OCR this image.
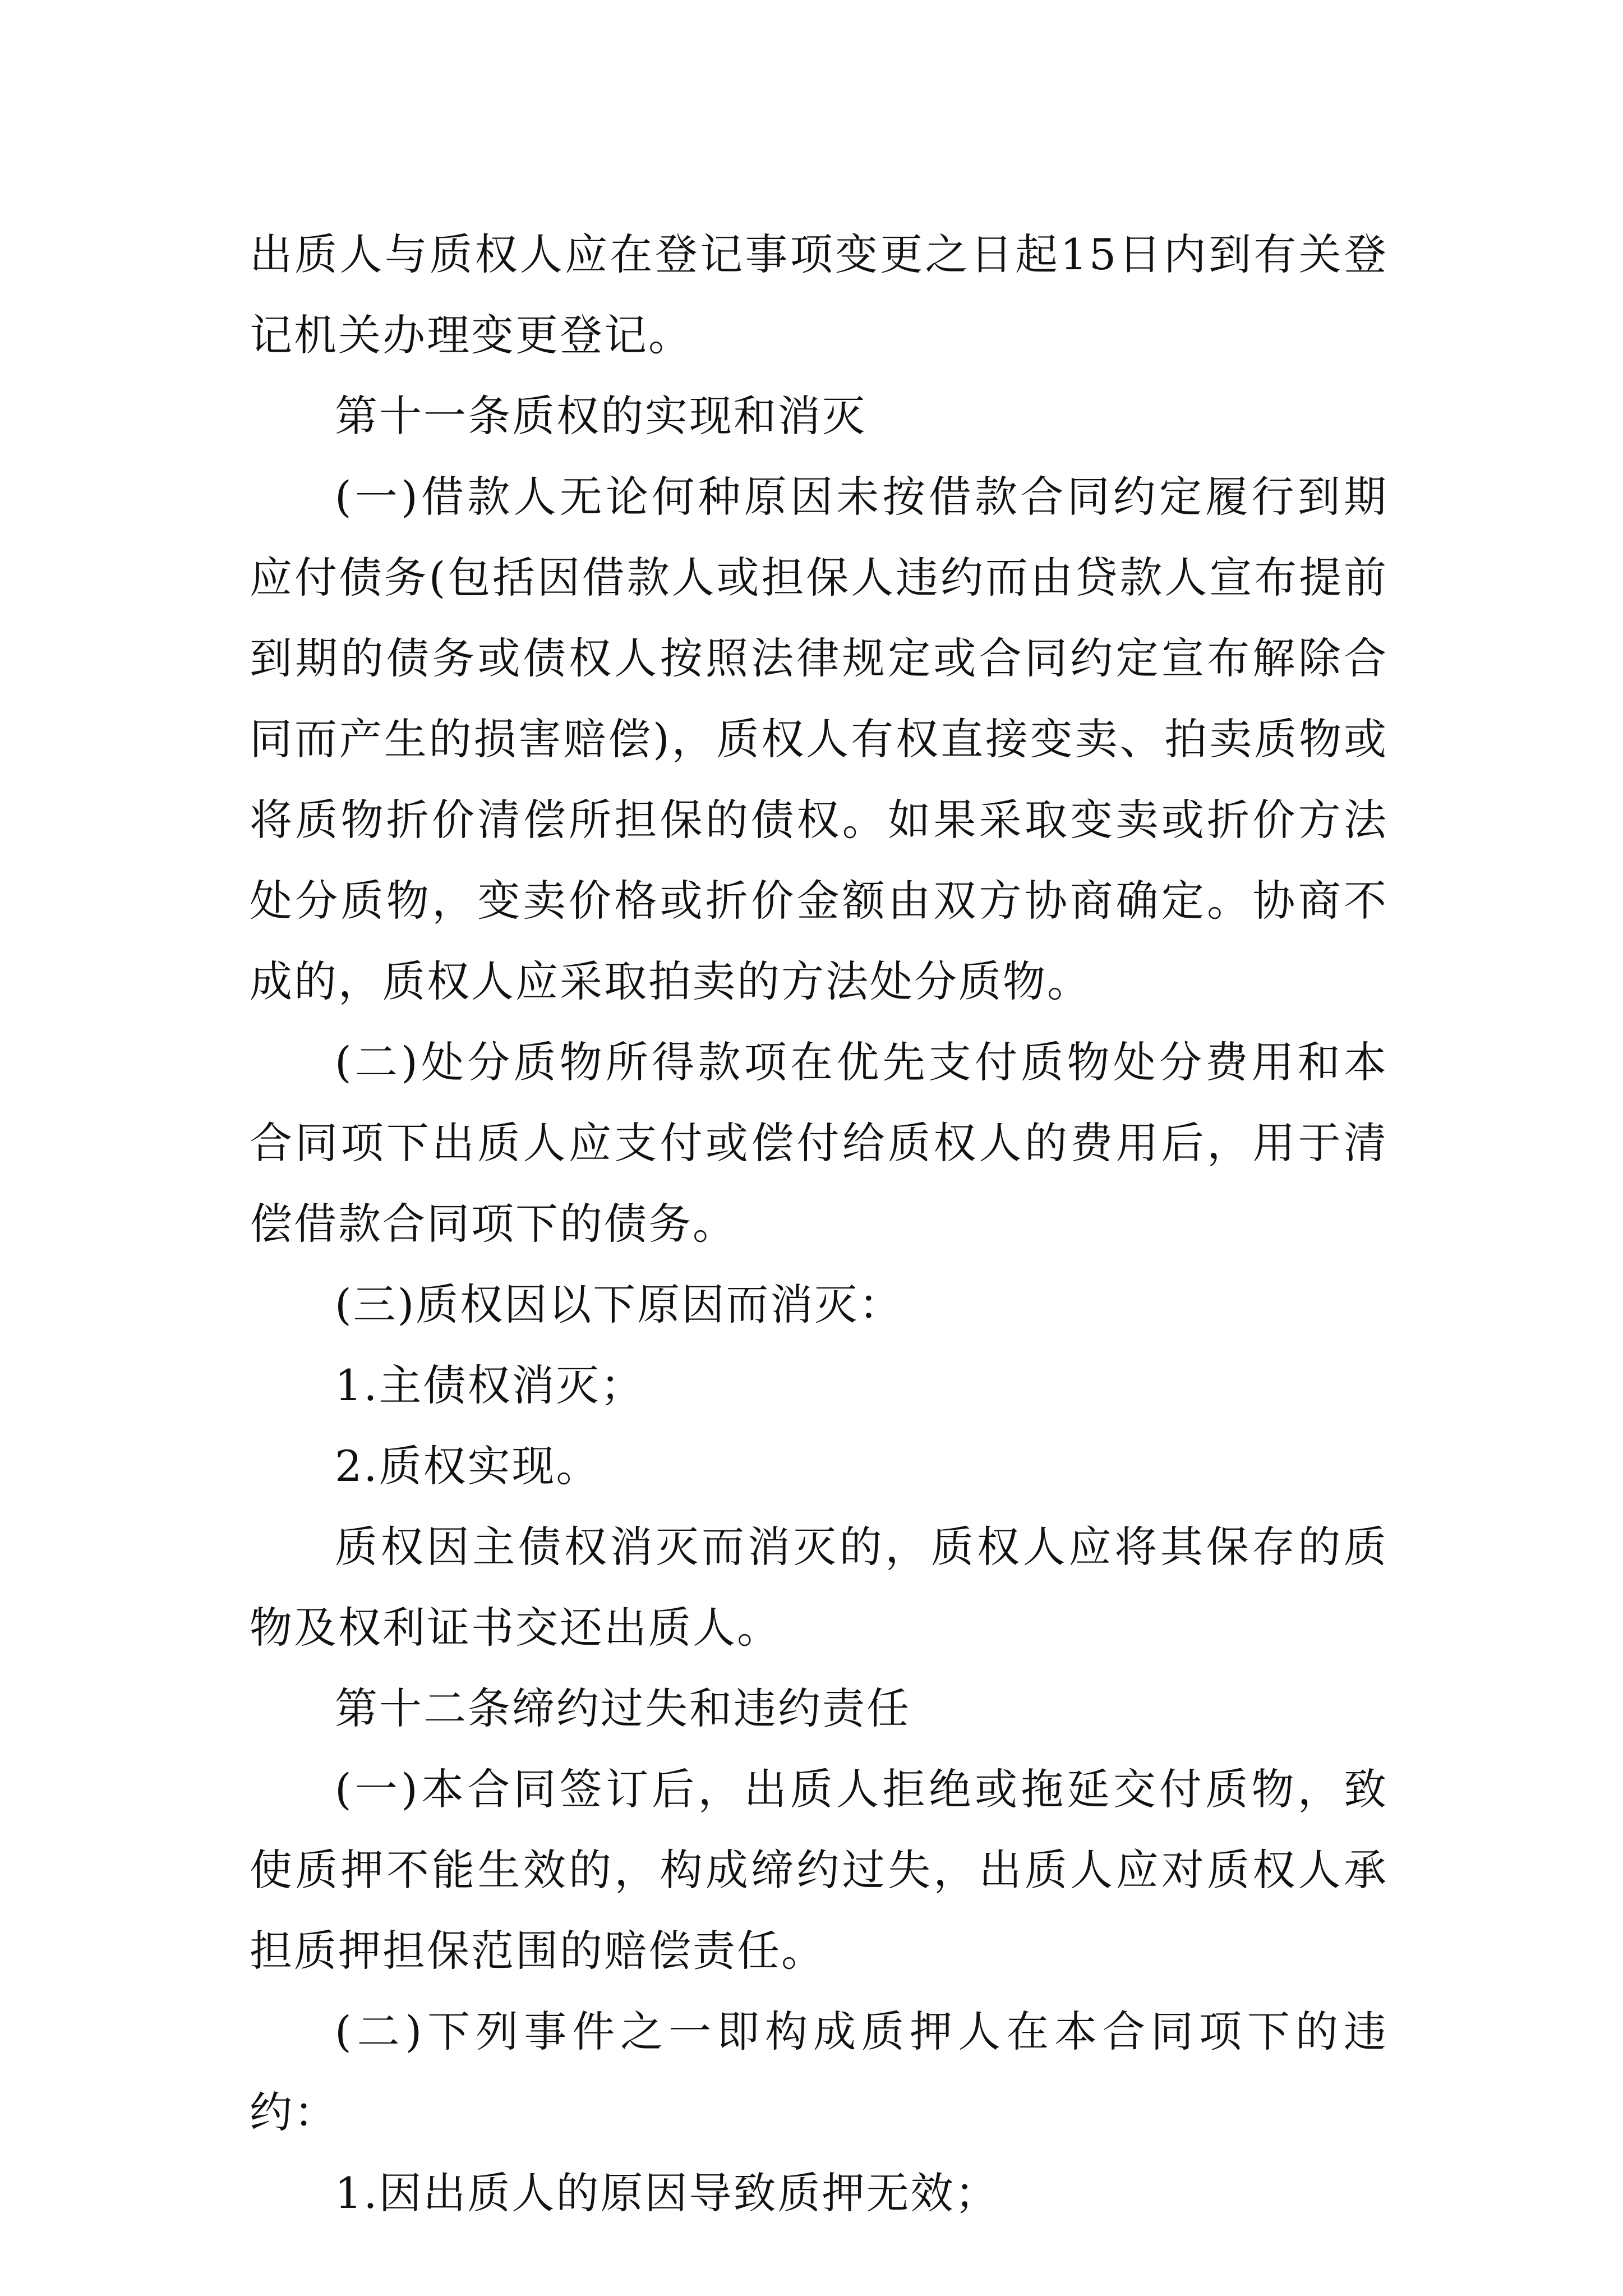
出质人与质权人应在登记事项变更之日起15日内到有关登记机关办理变更登记。

第十一条质权的实现和消灭

(一)借款人无论何种原因未按借款合同约定履行到期应付债务(包括因借款人或担保人违约而由贷款人宣布提前到期的债务或债权人按照法律规定或合同约定宣布解除合同而产生的损害赔偿)，质权人有权直接变卖、拍卖质物或将质物折价清偿所担保的债权。如果采取变卖或折价方法处分质物，变卖价格或折价金额由双方协商确定。协商不成的，质权人应采取拍卖的方法处分质物。

(二)处分质物所得款项在优先支付质物处分费用和本合同项下出质人应支付或偿付给质权人的费用后，用于清偿借款合同项下的债务。

(三)质权因以下原因而消灭：

1.主债权消灭；

2.质权实现。

质权因主债权消灭而消灭的，质权人应将其保存的质物及权利证书交还出质人。

第十二条缔约过失和违约责任

(一)本合同签订后，出质人拒绝或拖延交付质物，致使质押不能生效的，构成缔约过失，出质人应对质权人承担质押担保范围的赔偿责任。

(二)下列事件之一即构成质押人在本合同项下的违约：

1.因出质人的原因导致质押无效；
